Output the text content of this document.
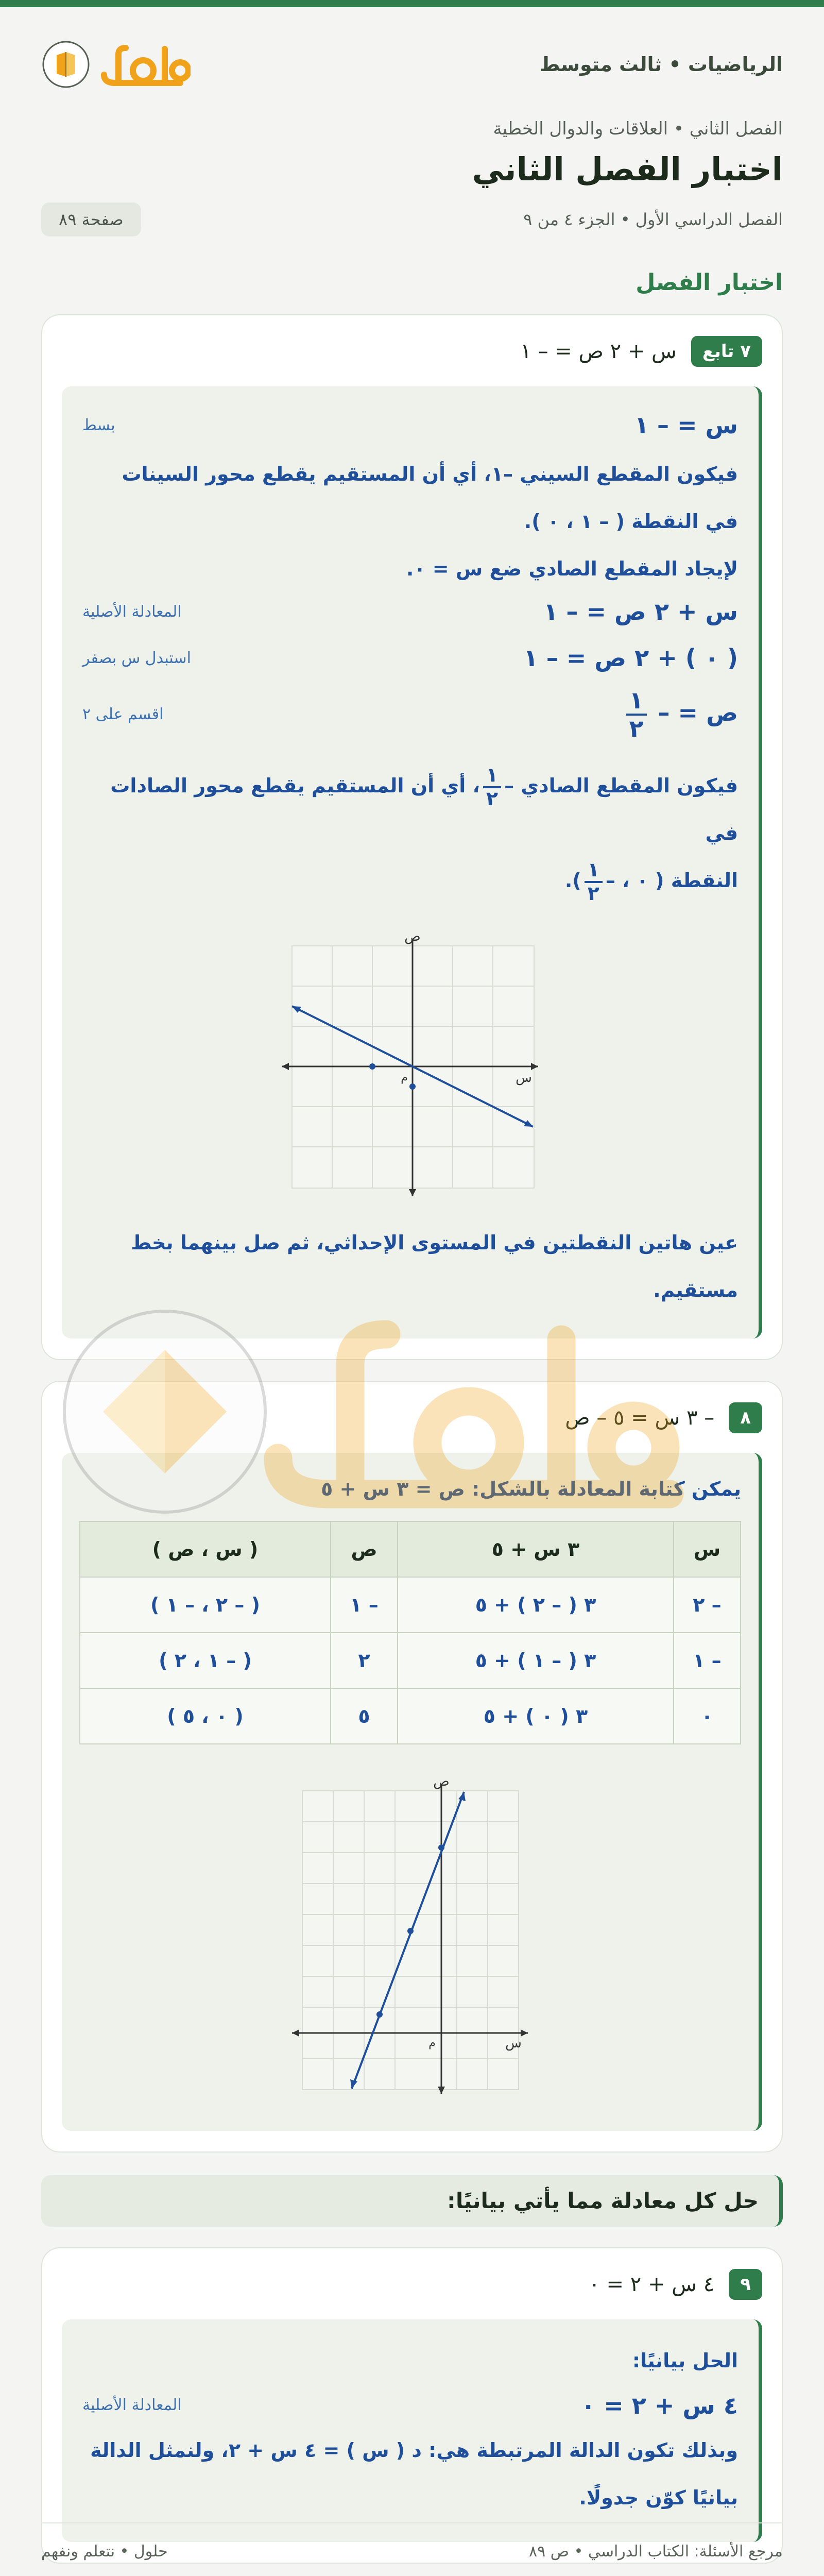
الرياضيات • ثالث متوسط
الفصل الثاني • العلاقات والدوال الخطية
اختبار الفصل الثاني
الفصل الدراسي الأول • الجزء ٤ من ٩
صفحة ٨٩
اختبار الفصل
٧ تابع
س + ٢ ص = – ١
س = – ١
بسط
فيكون المقطع السيني –١، أي أن المستقيم يقطع محور السينات في النقطة ( – ١ ، ٠ ).
لإيجاد المقطع الصادي ضع س = ٠.
س + ٢ ص = – ١
المعادلة الأصلية
( ٠ ) + ٢ ص = – ١
استبدل س بصفر
ص = –
$\frac{١}{٢}$
اقسم على ٢
فيكون المقطع الصادي –
$\frac{١}{٢}$
، أي أن المستقيم يقطع محور الصادات في
النقطة ( ٠ ، –
$\frac{١}{٢}$
).
ص
س
م
عين هاتين النقطتين في المستوى الإحداثي، ثم صل بينهما بخط مستقيم.
٨
– ٣ س = ٥ – ص
يمكن كتابة المعادلة بالشكل: ص = ٣ س + ٥
س	٣ س + ٥	ص	( س ، ص )
– ٢	٣ ( – ٢ ) + ٥	– ١	( – ٢ ، – ١ )
– ١	٣ ( – ١ ) + ٥	٢	( – ١ ، ٢ )
٠	٣ ( ٠ ) + ٥	٥	( ٠ ، ٥ )
ص
س
م
حل كل معادلة مما يأتي بيانيًا:
٩
٤ س + ٢ = ٠
الحل بيانيًا:
٤ س + ٢ = ٠
المعادلة الأصلية
وبذلك تكون الدالة المرتبطة هي: د ( س ) = ٤ س + ٢، ولنمثل الدالة بيانيًا كوّن جدولًا.
مرجع الأسئلة: الكتاب الدراسي • ص ٨٩
حلول • نتعلم ونفهم
